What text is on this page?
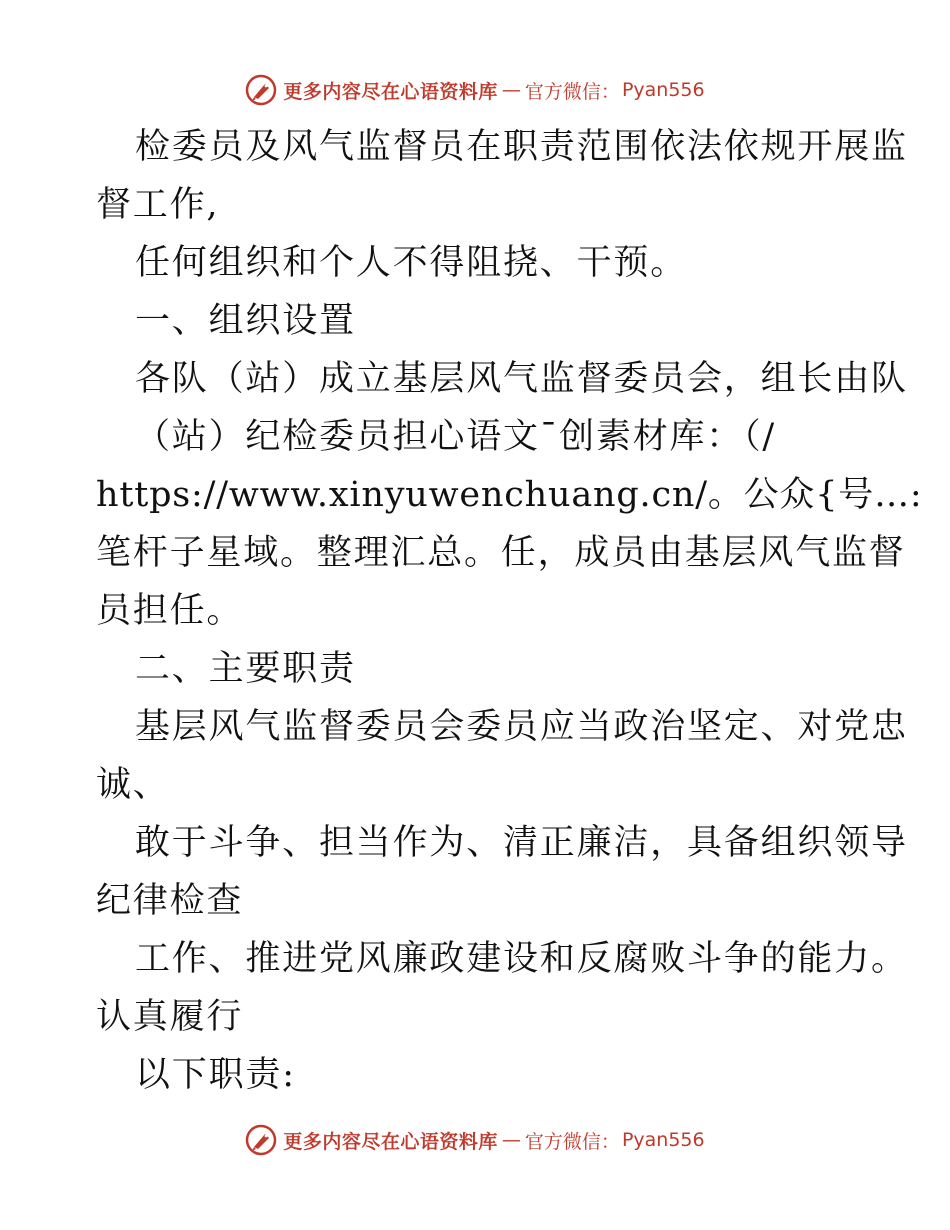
更多内容尽在心语资料库 — 官方微信： Pyan556
检委员及风气监督员在职责范围依法依规开展监
督工作,
任何组织和个人不得阻挠、干预。
一、组织设置
各队（站）成立基层风气监督委员会，组长由队
（站）纪检委员担心语文¯创素材库：（/
https://www.xinyuwenchuang.cn/。公众{号…:
笔杆子星域。整理汇总。任，成员由基层风气监督
员担任。
二、主要职责
基层风气监督委员会委员应当政治坚定、对党忠
诚、
敢于斗争、担当作为、清正廉洁，具备组织领导
纪律检查
工作、推进党风廉政建设和反腐败斗争的能力。
认真履行
以下职责:
更多内容尽在心语资料库 — 官方微信： Pyan556
